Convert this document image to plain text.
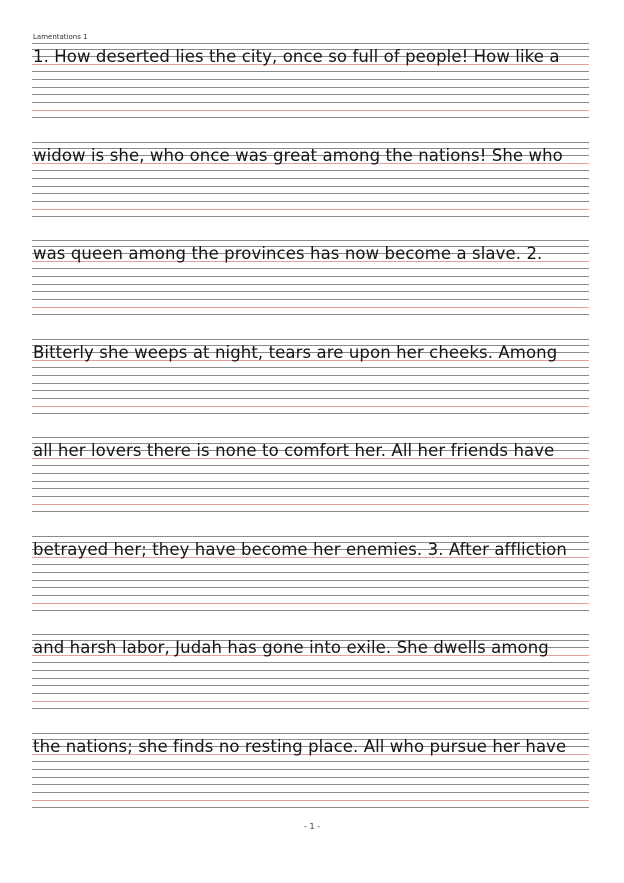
Lamentations 1
1. How deserted lies the city, once so full of people! How like a
widow is she, who once was great among the nations! She who
was queen among the provinces has now become a slave. 2.
Bitterly she weeps at night, tears are upon her cheeks. Among
all her lovers there is none to comfort her. All her friends have
betrayed her; they have become her enemies. 3. After affliction
and harsh labor, Judah has gone into exile. She dwells among
the nations; she finds no resting place. All who pursue her have
- 1 -
